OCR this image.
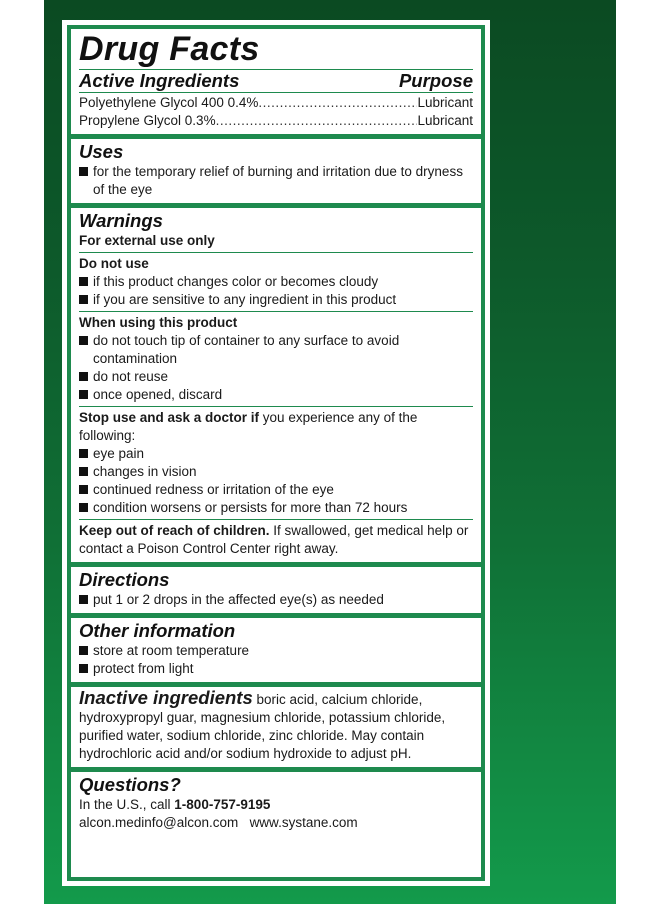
Drug Facts
Active Ingredients	Purpose
Polyethylene Glycol 400 0.4% .....	Lubricant
Propylene Glycol 0.3% .....	Lubricant
Uses
for the temporary relief of burning and irritation due to dryness of the eye
Warnings
For external use only
Do not use
if this product changes color or becomes cloudy
if you are sensitive to any ingredient in this product
When using this product
do not touch tip of container to any surface to avoid contamination
do not reuse
once opened, discard
Stop use and ask a doctor if you experience any of the following:
eye pain
changes in vision
continued redness or irritation of the eye
condition worsens or persists for more than 72 hours
Keep out of reach of children. If swallowed, get medical help or contact a Poison Control Center right away.
Directions
put 1 or 2 drops in the affected eye(s) as needed
Other information
store at room temperature
protect from light
Inactive ingredients boric acid, calcium chloride, hydroxypropyl guar, magnesium chloride, potassium chloride, purified water, sodium chloride, zinc chloride. May contain hydrochloric acid and/or sodium hydroxide to adjust pH.
Questions?
In the U.S., call 1-800-757-9195
alcon.medinfo@alcon.com www.systane.com
